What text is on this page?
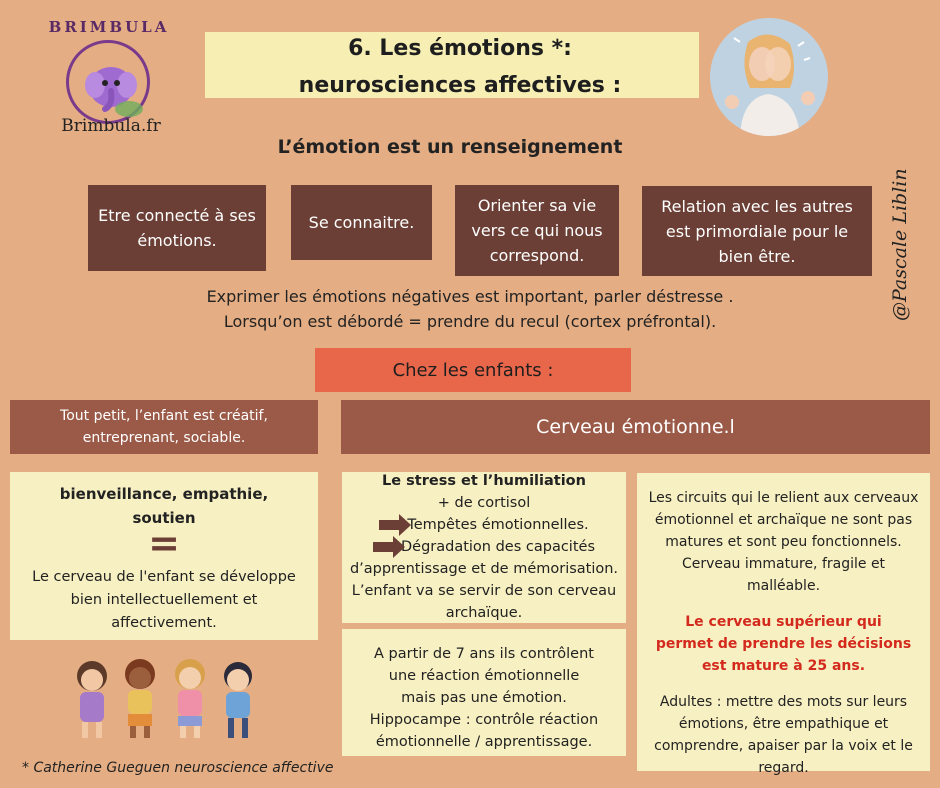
BRIMBULA
Brimbula.fr
6. Les émotions *:
neurosciences affectives :
L’émotion est un renseignement
Etre connecté à ses émotions.
Se connaitre.
Orienter sa vie vers ce qui nous correspond.
Relation avec les autres est primordiale pour le bien être.
Exprimer les émotions négatives est important, parler déstresse .
Lorsqu’on est débordé = prendre du recul (cortex préfrontal).
Chez les enfants :
Tout petit, l’enfant est créatif, entreprenant, sociable.
Cerveau émotionne.l
bienveillance, empathie, soutien
=
Le cerveau de l'enfant se développe bien intellectuellement et affectivement.
Le stress et l’humiliation
+ de cortisol
Tempêtes émotionnelles.
Dégradation des capacités
d’apprentissage et de mémorisation.
L’enfant va se servir de son cerveau archaïque.
A partir de 7 ans ils contrôlent
une réaction émotionnelle
mais pas une émotion.
Hippocampe : contrôle réaction émotionnelle / apprentissage.
Les circuits qui le relient aux cerveaux émotionnel et archaïque ne sont pas matures et sont peu fonctionnels. Cerveau immature, fragile et malléable.
Le cerveau supérieur qui permet de prendre les décisions est mature à 25 ans.
Adultes : mettre des mots sur leurs émotions, être empathique et comprendre, apaiser par la voix et le regard.
* Catherine Gueguen neuroscience affective
@Pascale Liblin
